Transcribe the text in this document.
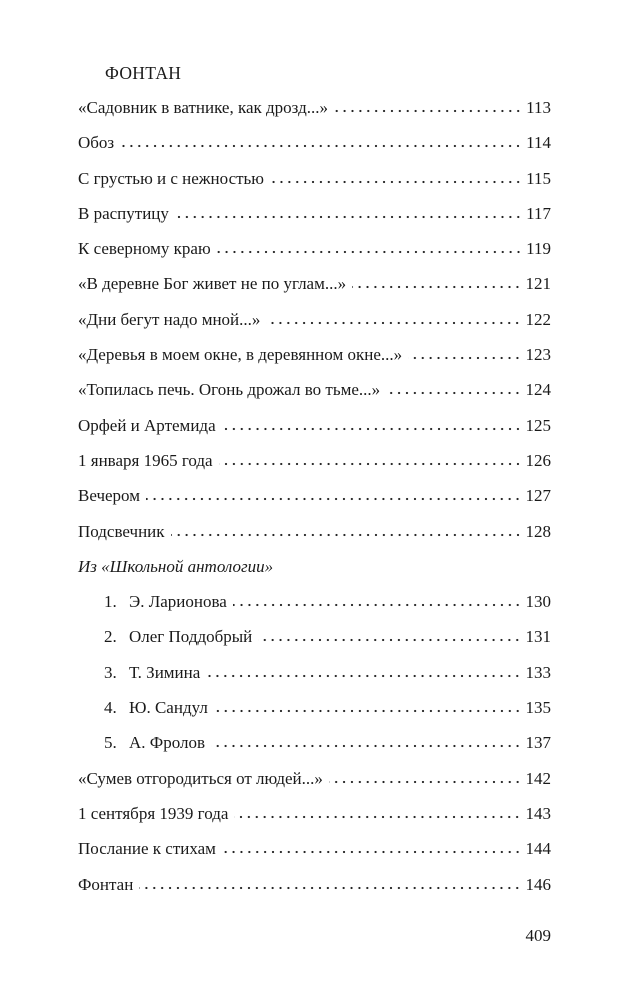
ФОНТАН
«Садовник в ватнике, как дрозд...»	113
Обоз	114
С грустью и с нежностью	115
В распутицу	117
К северному краю	119
«В деревне Бог живет не по углам...»	121
«Дни бегут надо мной...»	122
«Деревья в моем окне, в деревянном окне...»	123
«Топилась печь. Огонь дрожал во тьме...»	124
Орфей и Артемида	125
1 января 1965 года	126
Вечером	127
Подсвечник	128
Из «Школьной антологии»
1. Э. Ларионова	130
2. Олег Поддобрый	131
3. Т. Зимина	133
4. Ю. Сандул	135
5. А. Фролов	137
«Сумев отгородиться от людей...»	142
1 сентября 1939 года	143
Послание к стихам	144
Фонтан	146
409
